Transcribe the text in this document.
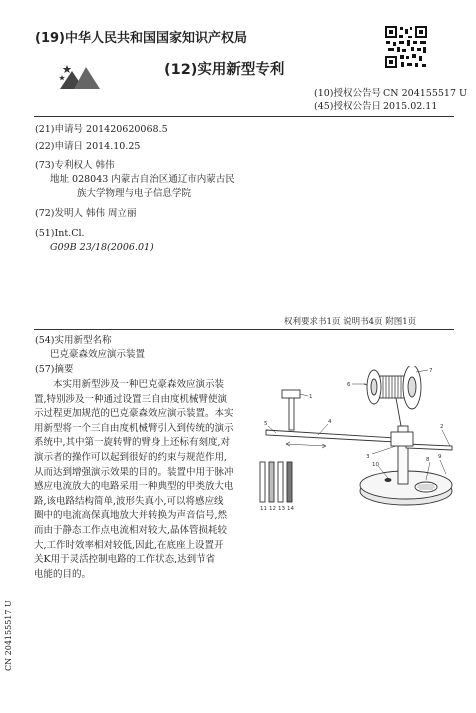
(19)中华人民共和国国家知识产权局
(12)实用新型专利
(10)授权公告号 CN 204155517 U
(45)授权公告日 2015.02.11
(21)申请号 201420620068.5
(22)申请日 2014.10.25
(73)专利权人 韩伟
地址 028043 内蒙古自治区通辽市内蒙古民
族大学物理与电子信息学院
(72)发明人 韩伟 周立丽
(51)Int.Cl.
G09B 23/18(2006.01)
权利要求书1页 说明书4页 附图1页
(54)实用新型名称
巴克豪森效应演示装置
(57)摘要

本实用新型涉及一种巴克豪森效应演示装

置,特别涉及一种通过设置三自由度机械臂使演

示过程更加规范的巴克豪森效应演示装置。本实

用新型将一个三自由度机械臂引入到传统的演示

系统中,其中第一旋转臂的臂身上还标有刻度,对

演示者的操作可以起到很好的约束与规范作用,

从而达到增强演示效果的目的。装置中用于脉冲

感应电流放大的电路采用一种典型的甲类放大电

路,该电路结构简单,波形失真小,可以将感应线

圈中的电流高保真地放大并转换为声音信号,然

而由于静态工作点电流相对较大,晶体管损耗较

大,工作时效率相对较低,因此,在底座上设置开

关K用于灵活控制电路的工作状态,达到节省

电能的目的。

1
5	4
3
6
7
2
9
8
10
11 12 13 14
CN 204155517 U
